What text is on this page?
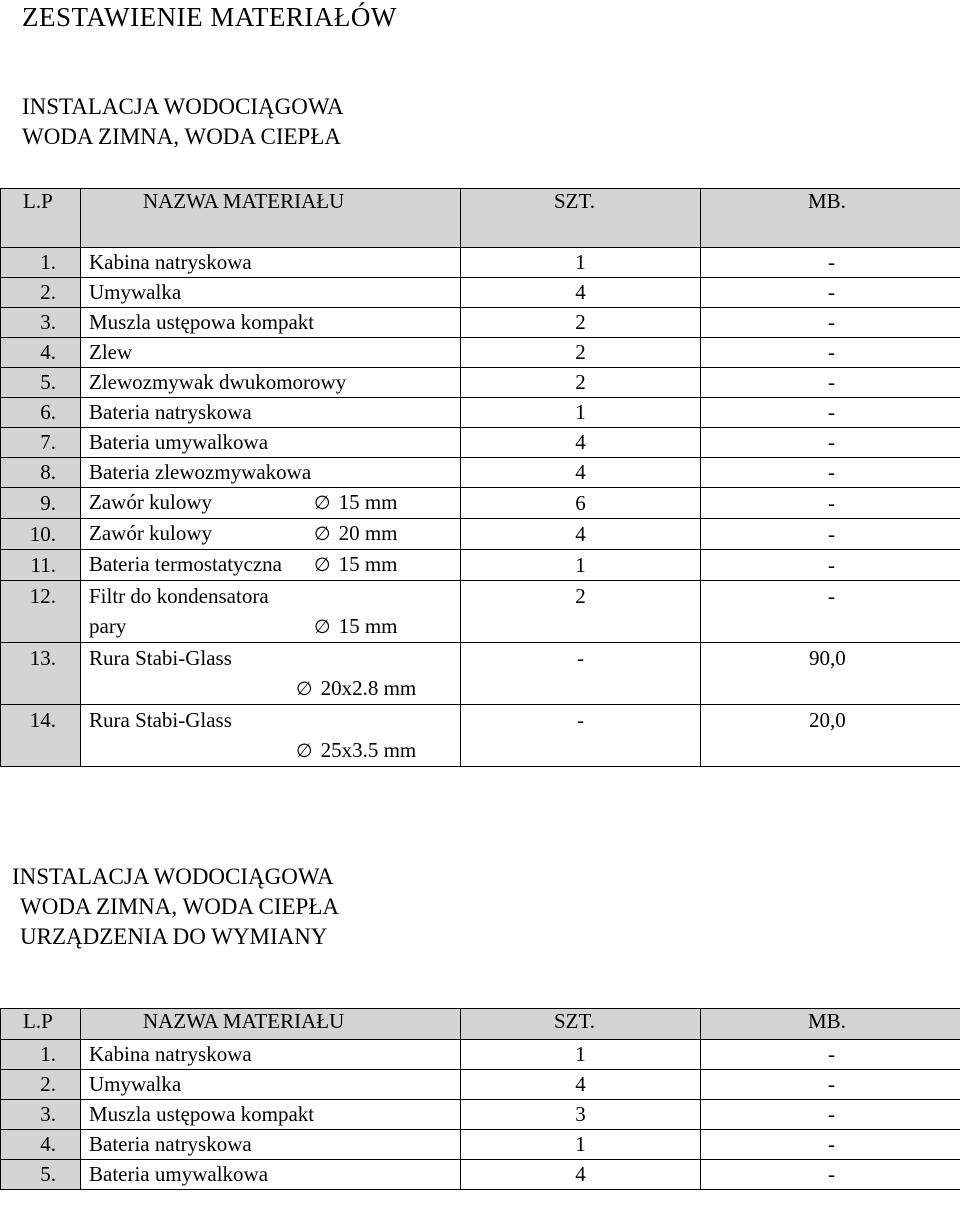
ZESTAWIENIE MATERIAŁÓW
INSTALACJA WODOCIĄGOWA
WODA ZIMNA, WODA CIEPŁA
L.P	NAZWA MATERIAŁU	SZT.	MB.
1.	Kabina natryskowa	1	-
2.	Umywalka	4	-
3.	Muszla ustępowa kompakt	2	-
4.	Zlew	2	-
5.	Zlewozmywak dwukomorowy	2	-
6.	Bateria natryskowa	1	-
7.	Bateria umywalkowa	4	-
8.	Bateria zlewozmywakowa	4	-
9.	Zawór kulowy ∅ 15 mm	6	-
10.	Zawór kulowy ∅ 20 mm	4	-
11.	Bateria termostatyczna ∅ 15 mm	1	-
12.	Filtr do kondensatora
pary ∅ 15 mm	2	-
13.	Rura Stabi-Glass
∅ 20x2.8 mm	-	90,0
14.	Rura Stabi-Glass
∅ 25x3.5 mm	-	20,0
INSTALACJA WODOCIĄGOWA
WODA ZIMNA, WODA CIEPŁA
URZĄDZENIA DO WYMIANY
L.P	NAZWA MATERIAŁU	SZT.	MB.
1.	Kabina natryskowa	1	-
2.	Umywalka	4	-
3.	Muszla ustępowa kompakt	3	-
4.	Bateria natryskowa	1	-
5.	Bateria umywalkowa	4	-
